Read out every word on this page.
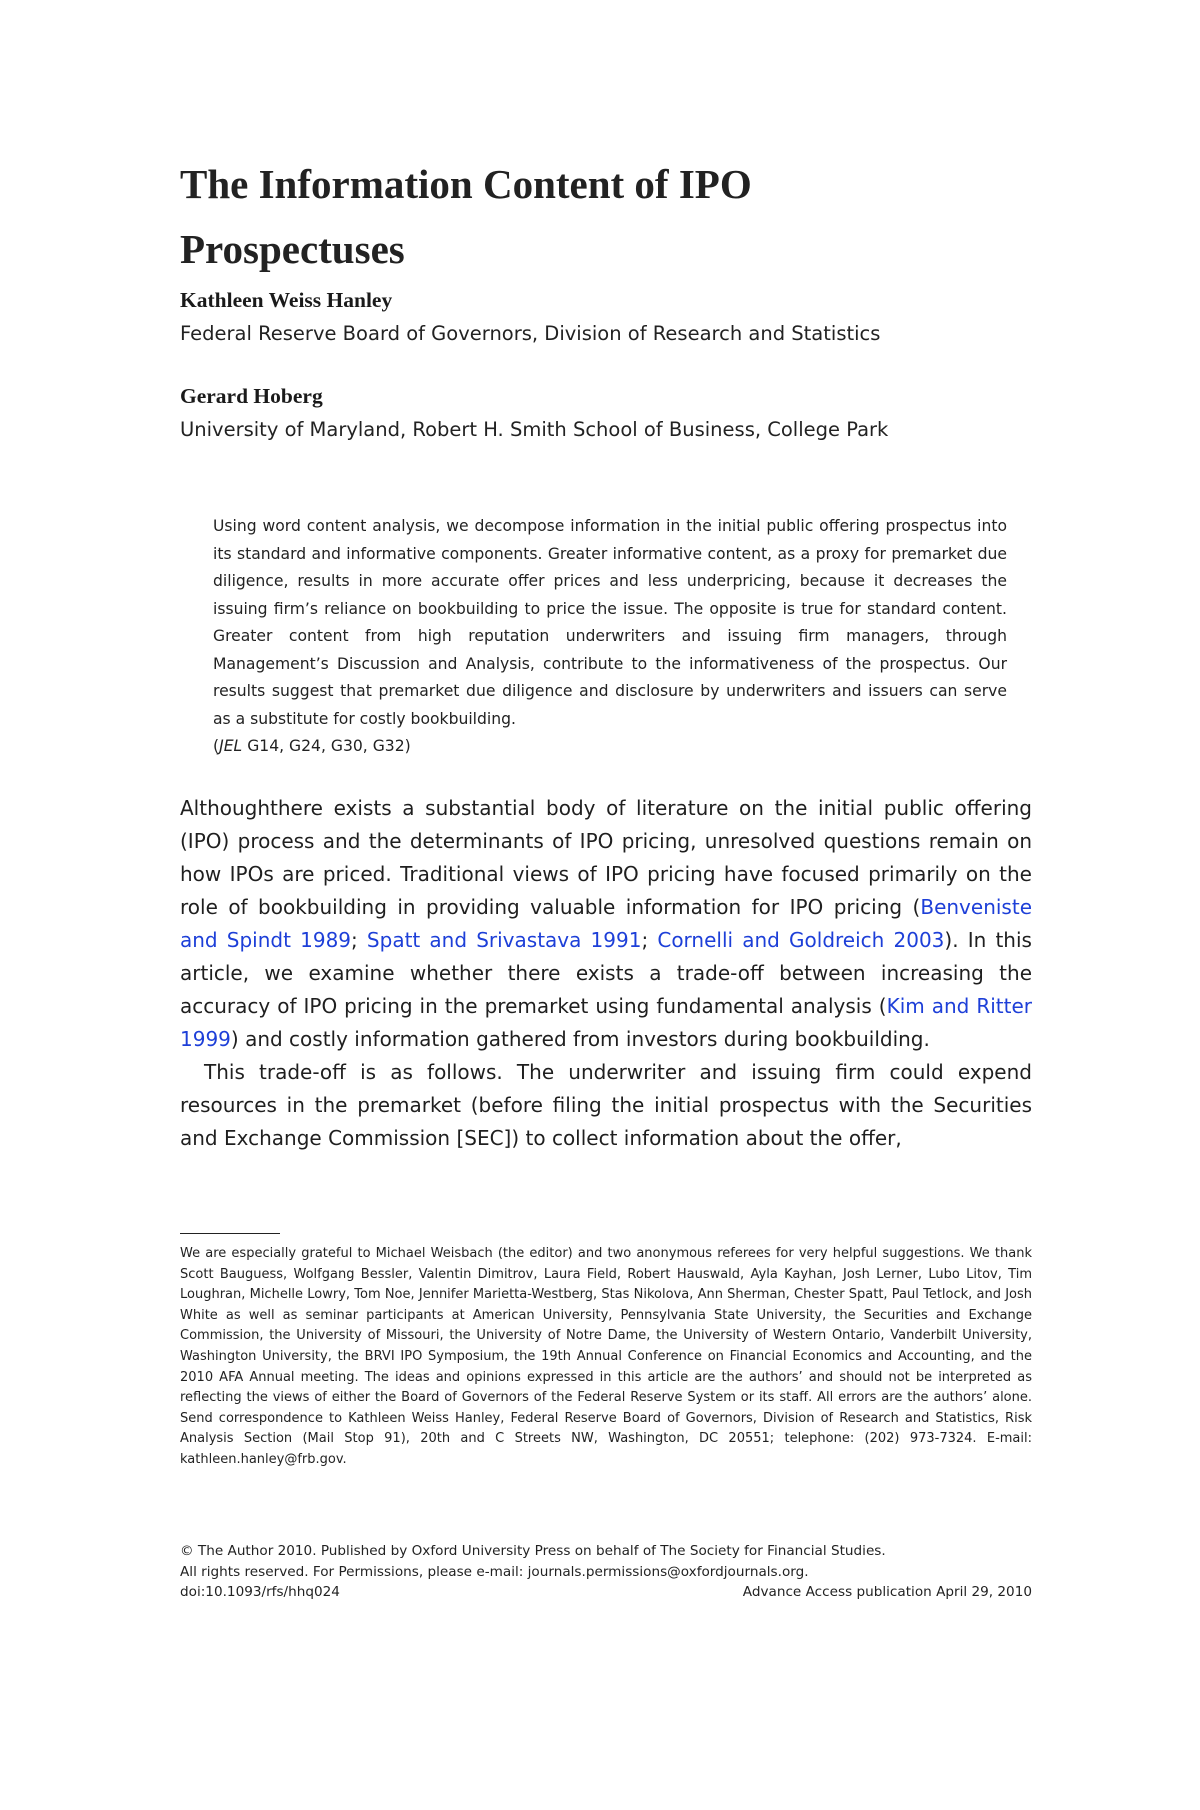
The Information Content of IPO
Prospectuses

Kathleen Weiss Hanley

Federal Reserve Board of Governors, Division of Research and Statistics

Gerard Hoberg

University of Maryland, Robert H. Smith School of Business, College Park

Using word content analysis, we decompose information in the initial public offering prospectus into its standard and informative components. Greater informative content, as a proxy for premarket due diligence, results in more accurate offer prices and less underpricing, because it decreases the issuing firm’s reliance on bookbuilding to price the issue. The opposite is true for standard content. Greater content from high reputation underwriters and issuing firm managers, through Management’s Discussion and Analysis, contribute to the informativeness of the prospectus. Our results suggest that premarket due diligence and disclosure by underwriters and issuers can serve as a substitute for costly bookbuilding.
(JEL G14, G24, G30, G32)

Althoughthere exists a substantial body of literature on the initial public offering (IPO) process and the determinants of IPO pricing, unresolved questions remain on how IPOs are priced. Traditional views of IPO pricing have focused primarily on the role of bookbuilding in providing valuable information for IPO pricing (Benveniste and Spindt 1989; Spatt and Srivastava 1991; Cornelli and Goldreich 2003). In this article, we examine whether there exists a trade-off between increasing the accuracy of IPO pricing in the premarket using fundamental analysis (Kim and Ritter 1999) and costly information gathered from investors during bookbuilding.

This trade-off is as follows. The underwriter and issuing firm could expend resources in the premarket (before filing the initial prospectus with the Securities and Exchange Commission [SEC]) to collect information about the offer,

We are especially grateful to Michael Weisbach (the editor) and two anonymous referees for very helpful suggestions. We thank Scott Bauguess, Wolfgang Bessler, Valentin Dimitrov, Laura Field, Robert Hauswald, Ayla Kayhan, Josh Lerner, Lubo Litov, Tim Loughran, Michelle Lowry, Tom Noe, Jennifer Marietta-Westberg, Stas Nikolova, Ann Sherman, Chester Spatt, Paul Tetlock, and Josh White as well as seminar participants at American University, Pennsylvania State University, the Securities and Exchange Commission, the University of Missouri, the University of Notre Dame, the University of Western Ontario, Vanderbilt University, Washington University, the BRVI IPO Symposium, the 19th Annual Conference on Financial Economics and Accounting, and the 2010 AFA Annual meeting. The ideas and opinions expressed in this article are the authors’ and should not be interpreted as reflecting the views of either the Board of Governors of the Federal Reserve System or its staff. All errors are the authors’ alone. Send correspondence to Kathleen Weiss Hanley, Federal Reserve Board of Governors, Division of Research and Statistics, Risk Analysis Section (Mail Stop 91), 20th and C Streets NW, Washington, DC 20551; telephone: (202) 973-7324. E-mail: kathleen.hanley@frb.gov.

© The Author 2010. Published by Oxford University Press on behalf of The Society for Financial Studies.
All rights reserved. For Permissions, please e-mail: journals.permissions@oxfordjournals.org.

doi:10.1093/rfs/hhq024	Advance Access publication April 29, 2010
